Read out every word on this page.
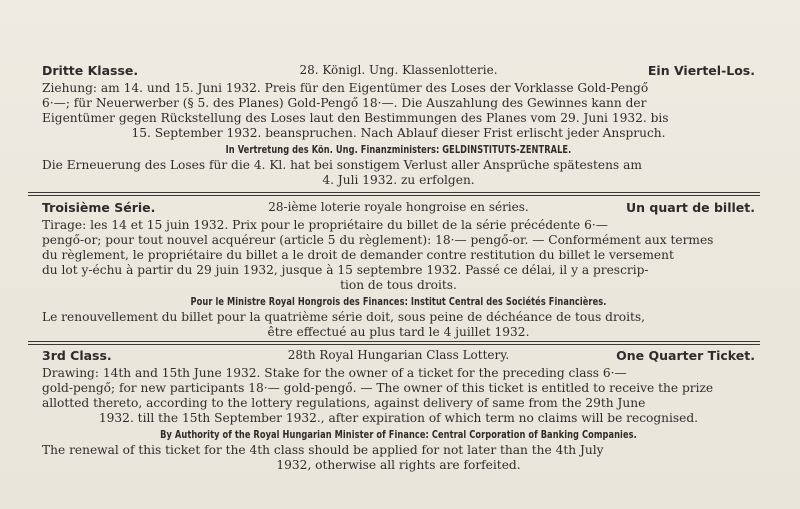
28. Königl. Ung. Klassenlotterie.
Dritte Klasse.	Ein Viertel-Los.

Ziehung: am 14. und 15. Juni 1932. Preis für den Eigentümer des Loses der Vorklasse Gold-Pengő
6·—; für Neuerwerber (§ 5. des Planes) Gold-Pengő 18·—. Die Auszahlung des Gewinnes kann der
Eigentümer gegen Rückstellung des Loses laut den Bestimmungen des Planes vom 29. Juni 1932. bis

15. September 1932. beanspruchen. Nach Ablauf dieser Frist erlischt jeder Anspruch.

In Vertretung des Kön. Ung. Finanzministers: GELDINSTITUTS-ZENTRALE.

Die Erneuerung des Loses für die 4. Kl. hat bei sonstigem Verlust aller Ansprüche spätestens am

4. Juli 1932. zu erfolgen.

28-ième loterie royale hongroise en séries.
Troisième Série.	Un quart de billet.

Tirage: les 14 et 15 juin 1932. Prix pour le propriétaire du billet de la série précédente 6·—
pengő-or; pour tout nouvel acquéreur (article 5 du règlement): 18·— pengő-or. — Conformément aux termes
du règlement, le propriétaire du billet a le droit de demander contre restitution du billet le versement
du lot y-échu à partir du 29 juin 1932, jusque à 15 septembre 1932. Passé ce délai, il y a prescrip-

tion de tous droits.

Pour le Ministre Royal Hongrois des Finances: Institut Central des Sociétés Financières.

Le renouvellement du billet pour la quatrième série doit, sous peine de déchéance de tous droits,

être effectué au plus tard le 4 juillet 1932.

28th Royal Hungarian Class Lottery.
3rd Class.	One Quarter Ticket.

Drawing: 14th and 15th June 1932. Stake for the owner of a ticket for the preceding class 6·—
gold-pengő; for new participants 18·— gold-pengő. — The owner of this ticket is entitled to receive the prize
allotted thereto, according to the lottery regulations, against delivery of same from the 29th June

1932. till the 15th September 1932., after expiration of which term no claims will be recognised.

By Authority of the Royal Hungarian Minister of Finance: Central Corporation of Banking Companies.

The renewal of this ticket for the 4th class should be applied for not later than the 4th July

1932, otherwise all rights are forfeited.
